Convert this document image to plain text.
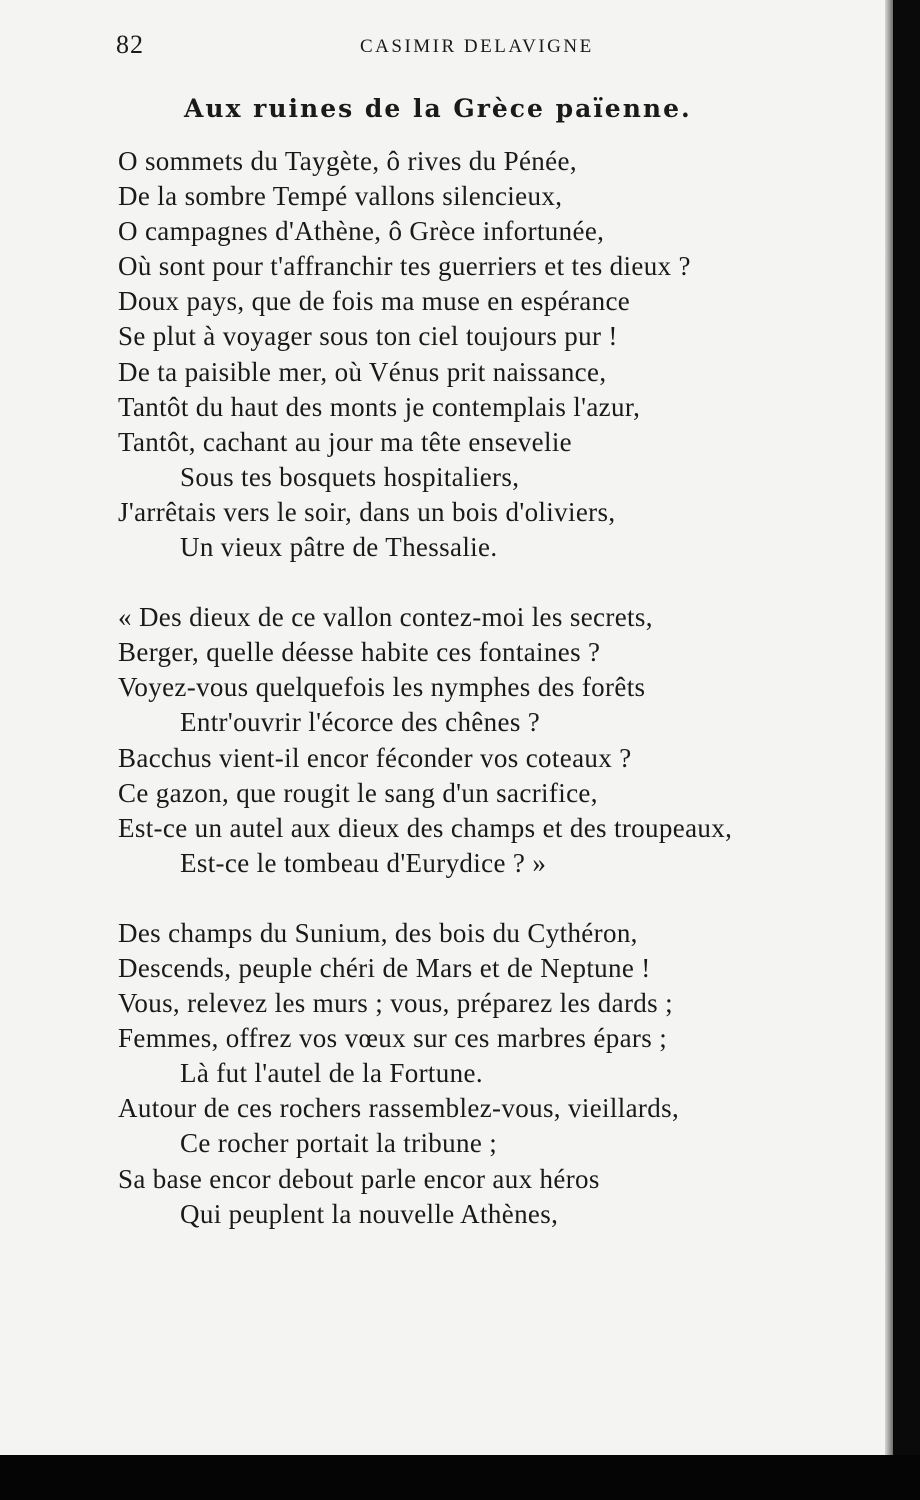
82	CASIMIR DELAVIGNE
Aux ruines de la Grèce païenne.
O sommets du Taygète, ô rives du Pénée,
De la sombre Tempé vallons silencieux,
O campagnes d'Athène, ô Grèce infortunée,
Où sont pour t'affranchir tes guerriers et tes dieux ?
Doux pays, que de fois ma muse en espérance
Se plut à voyager sous ton ciel toujours pur !
De ta paisible mer, où Vénus prit naissance,
Tantôt du haut des monts je contemplais l'azur,
Tantôt, cachant au jour ma tête ensevelie
Sous tes bosquets hospitaliers,
J'arrêtais vers le soir, dans un bois d'oliviers,
Un vieux pâtre de Thessalie.
« Des dieux de ce vallon contez-moi les secrets,
Berger, quelle déesse habite ces fontaines ?
Voyez-vous quelquefois les nymphes des forêts
Entr'ouvrir l'écorce des chênes ?
Bacchus vient-il encor féconder vos coteaux ?
Ce gazon, que rougit le sang d'un sacrifice,
Est-ce un autel aux dieux des champs et des troupeaux,
Est-ce le tombeau d'Eurydice ? »
Des champs du Sunium, des bois du Cythéron,
Descends, peuple chéri de Mars et de Neptune !
Vous, relevez les murs ; vous, préparez les dards ;
Femmes, offrez vos vœux sur ces marbres épars ;
Là fut l'autel de la Fortune.
Autour de ces rochers rassemblez-vous, vieillards,
Ce rocher portait la tribune ;
Sa base encor debout parle encor aux héros
Qui peuplent la nouvelle Athènes,
